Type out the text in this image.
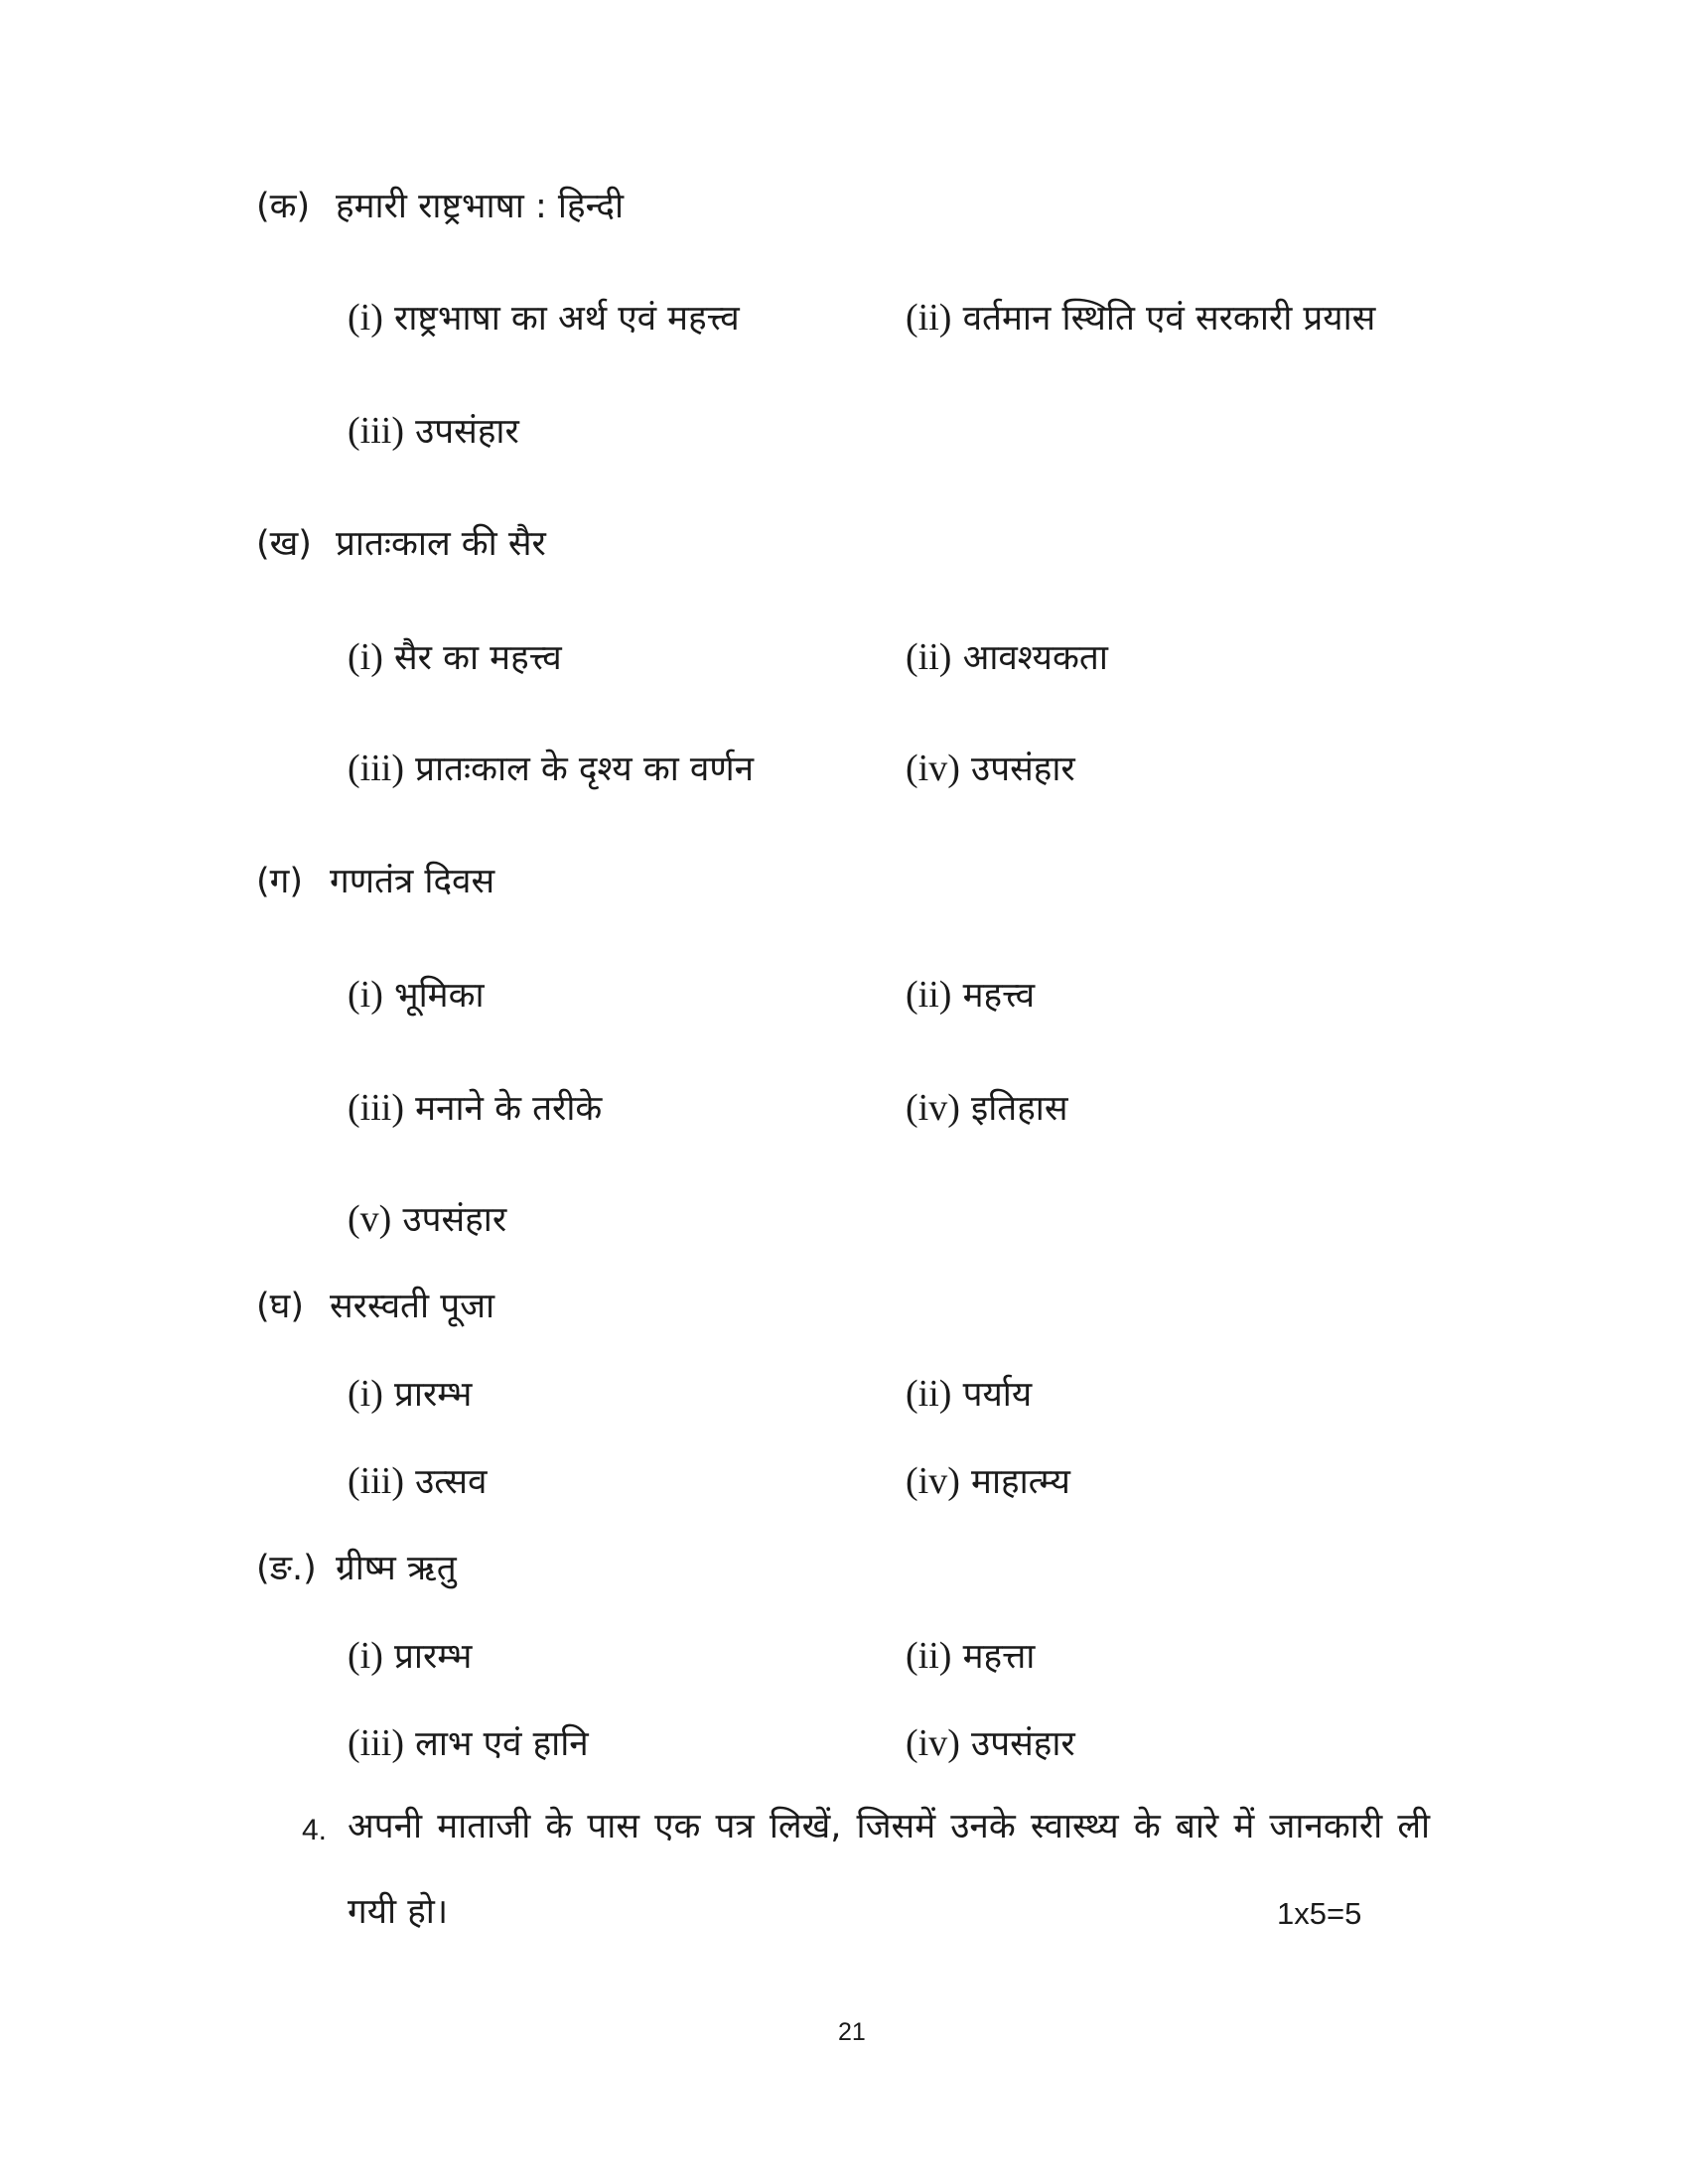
(क) हमारी राष्ट्रभाषा : हिन्दी
(i) राष्ट्रभाषा का अर्थ एवं महत्त्व	(ii) वर्तमान स्थिति एवं सरकारी प्रयास
(iii) उपसंहार
(ख) प्रातःकाल की सैर
(i) सैर का महत्त्व	(ii) आवश्यकता
(iii) प्रातःकाल के दृश्य का वर्णन	(iv) उपसंहार
(ग) गणतंत्र दिवस
(i) भूमिका	(ii) महत्त्व
(iii) मनाने के तरीके	(iv) इतिहास
(v) उपसंहार
(घ) सरस्वती पूजा
(i) प्रारम्भ	(ii) पर्याय
(iii) उत्सव	(iv) माहात्म्य
(ङ.) ग्रीष्म ऋतु
(i) प्रारम्भ	(ii) महत्ता
(iii) लाभ एवं हानि	(iv) उपसंहार
4. अपनी माताजी के पास एक पत्र लिखें, जिसमें उनके स्वास्थ्य के बारे में जानकारी ली
गयी हो।	1x5=5
21
